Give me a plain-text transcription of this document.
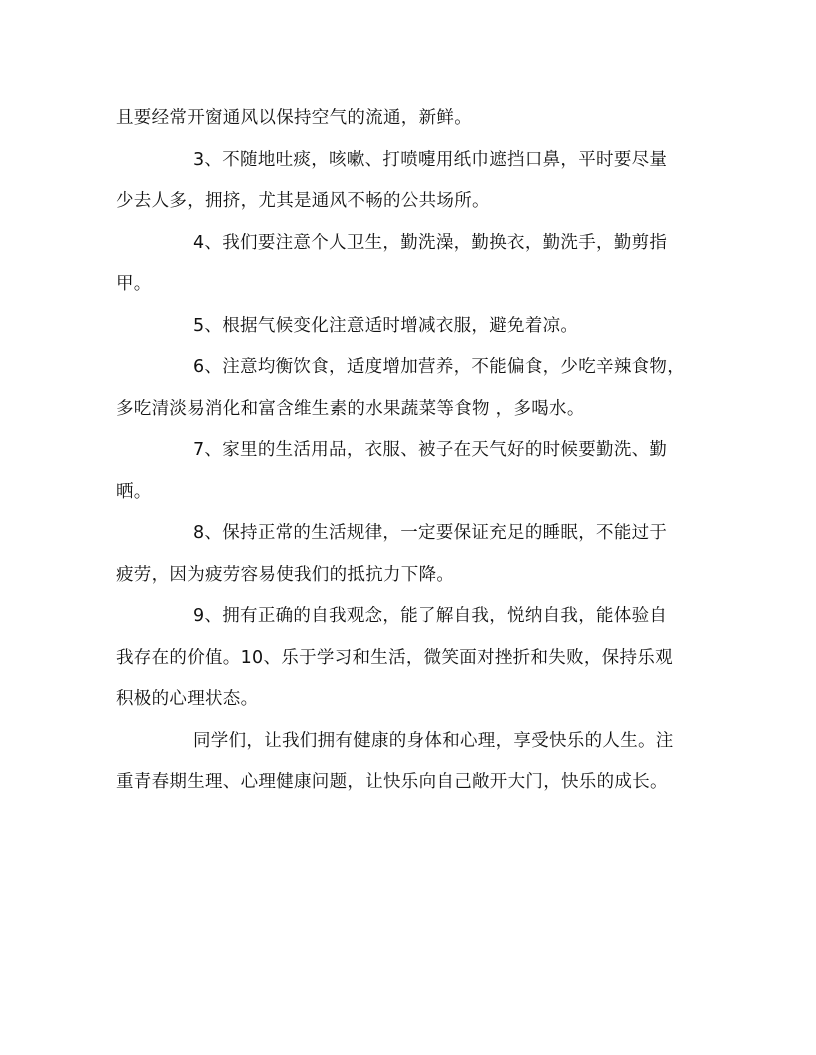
且要经常开窗通风以保持空气的流通，新鲜。
3、不随地吐痰，咳嗽、打喷嚏用纸巾遮挡口鼻，平时要尽量
少去人多，拥挤，尤其是通风不畅的公共场所。
4、我们要注意个人卫生，勤洗澡，勤换衣，勤洗手，勤剪指
甲。
5、根据气候变化注意适时增减衣服，避免着凉。
6、注意均衡饮食，适度增加营养，不能偏食，少吃辛辣食物，
多吃清淡易消化和富含维生素的水果蔬菜等食物 ，多喝水。
7、家里的生活用品，衣服、被子在天气好的时候要勤洗、勤
晒。
8、保持正常的生活规律，一定要保证充足的睡眠，不能过于
疲劳，因为疲劳容易使我们的抵抗力下降。
9、拥有正确的自我观念，能了解自我，悦纳自我，能体验自
我存在的价值。10、乐于学习和生活，微笑面对挫折和失败，保持乐观
积极的心理状态。
同学们，让我们拥有健康的身体和心理，享受快乐的人生。注
重青春期生理、心理健康问题，让快乐向自己敞开大门，快乐的成长。
